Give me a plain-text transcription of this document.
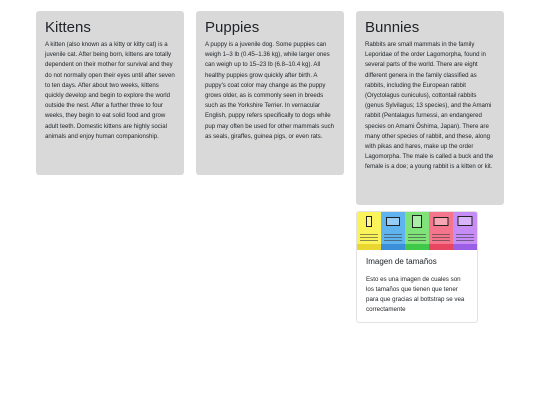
Kittens

A kitten (also known as a kitty or kitty cat) is a juvenile cat. After being born, kittens are totally dependent on their mother for survival and they do not normally open their eyes until after seven to ten days. After about two weeks, kittens quickly develop and begin to explore the world outside the nest. After a further three to four weeks, they begin to eat solid food and grow adult teeth. Domestic kittens are highly social animals and enjoy human companionship.

Puppies

A puppy is a juvenile dog. Some puppies can weigh 1–3 lb (0.45–1.36 kg), while larger ones can weigh up to 15–23 lb (6.8–10.4 kg). All healthy puppies grow quickly after birth. A puppy's coat color may change as the puppy grows older, as is commonly seen in breeds such as the Yorkshire Terrier. In vernacular English, puppy refers specifically to dogs while pup may often be used for other mammals such as seals, giraffes, guinea pigs, or even rats.

Bunnies

Rabbits are small mammals in the family Leporidae of the order Lagomorpha, found in several parts of the world. There are eight different genera in the family classified as rabbits, including the European rabbit (Oryctolagus cuniculus), cottontail rabbits (genus Sylvilagus; 13 species), and the Amami rabbit (Pentalagus furnessi, an endangered species on Amami Ōshima, Japan). There are many other species of rabbit, and these, along with pikas and hares, make up the order Lagomorpha. The male is called a buck and the female is a doe; a young rabbit is a kitten or kit.

Imagen de tamaños

Esto es una imagen de cuales son los tamaños que tienen que tener para que gracias al bottstrap se vea correctamente
